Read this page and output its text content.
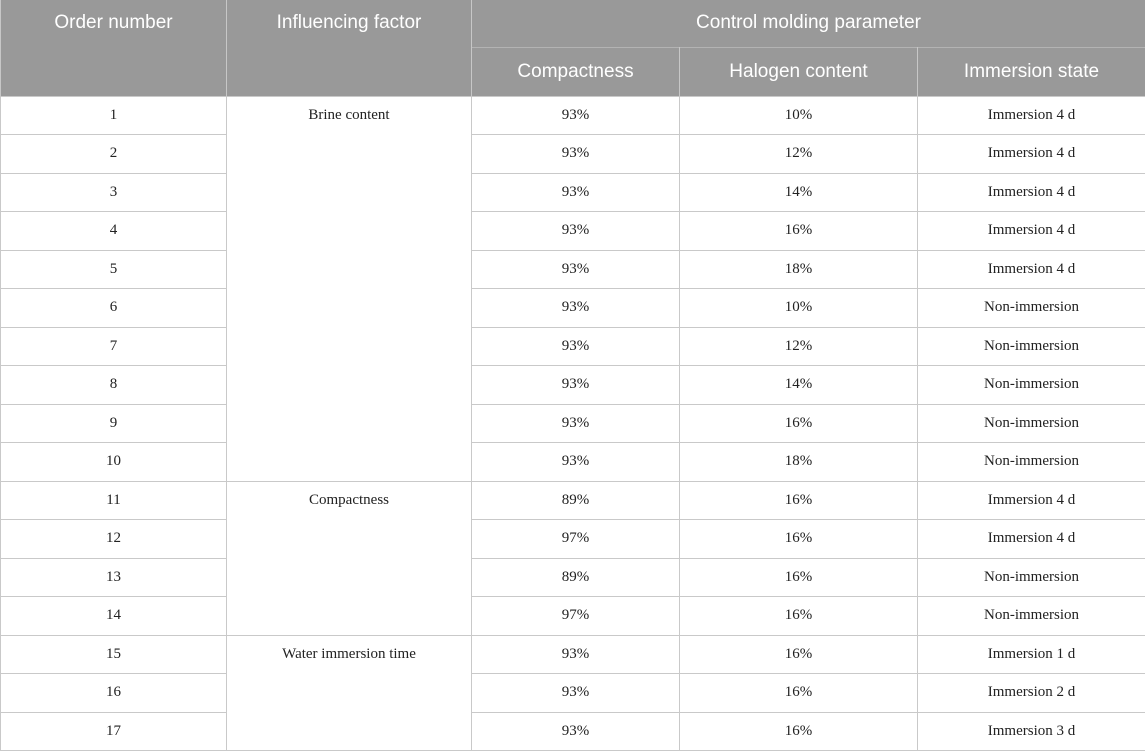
Order number	Influencing factor	Control molding parameter		
		Compactness	Halogen content	Immersion state
1	Brine content	93%	10%	Immersion 4 d
2		93%	12%	Immersion 4 d
3		93%	14%	Immersion 4 d
4		93%	16%	Immersion 4 d
5		93%	18%	Immersion 4 d
6		93%	10%	Non-immersion
7		93%	12%	Non-immersion
8		93%	14%	Non-immersion
9		93%	16%	Non-immersion
10		93%	18%	Non-immersion
11	Compactness	89%	16%	Immersion 4 d
12		97%	16%	Immersion 4 d
13		89%	16%	Non-immersion
14		97%	16%	Non-immersion
15	Water immersion time	93%	16%	Immersion 1 d
16		93%	16%	Immersion 2 d
17		93%	16%	Immersion 3 d
